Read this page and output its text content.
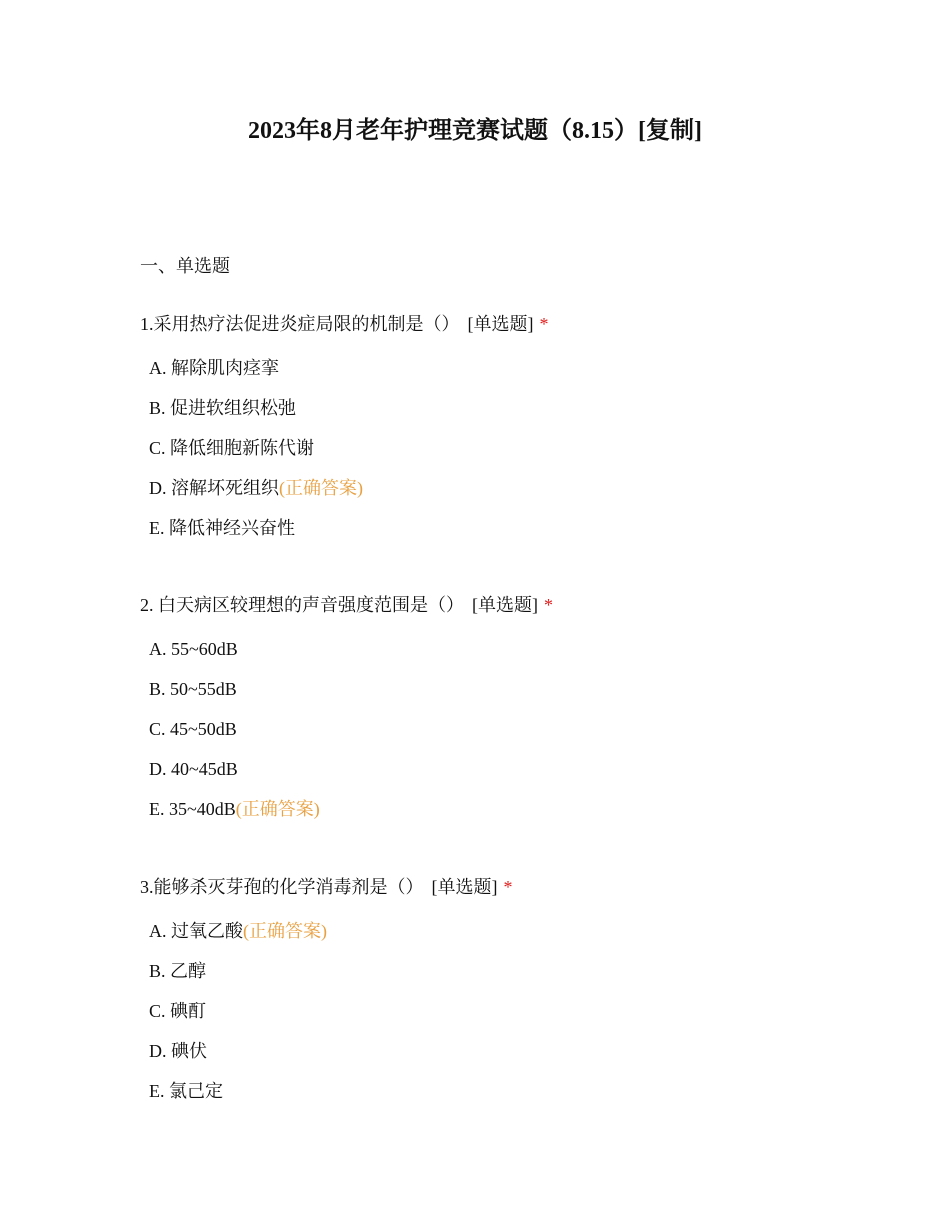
2023年8月老年护理竞赛试题（8.15）[复制]
一、单选题
1.采用热疗法促进炎症局限的机制是（） [单选题] *
A. 解除肌肉痉挛
B. 促进软组织松弛
C. 降低细胞新陈代谢
D. 溶解坏死组织(正确答案)
E. 降低神经兴奋性
2. 白天病区较理想的声音强度范围是（） [单选题] *
A. 55~60dB
B. 50~55dB
C. 45~50dB
D. 40~45dB
E. 35~40dB(正确答案)
3.能够杀灭芽孢的化学消毒剂是（） [单选题] *
A. 过氧乙酸(正确答案)
B. 乙醇
C. 碘酊
D. 碘伏
E. 氯己定
